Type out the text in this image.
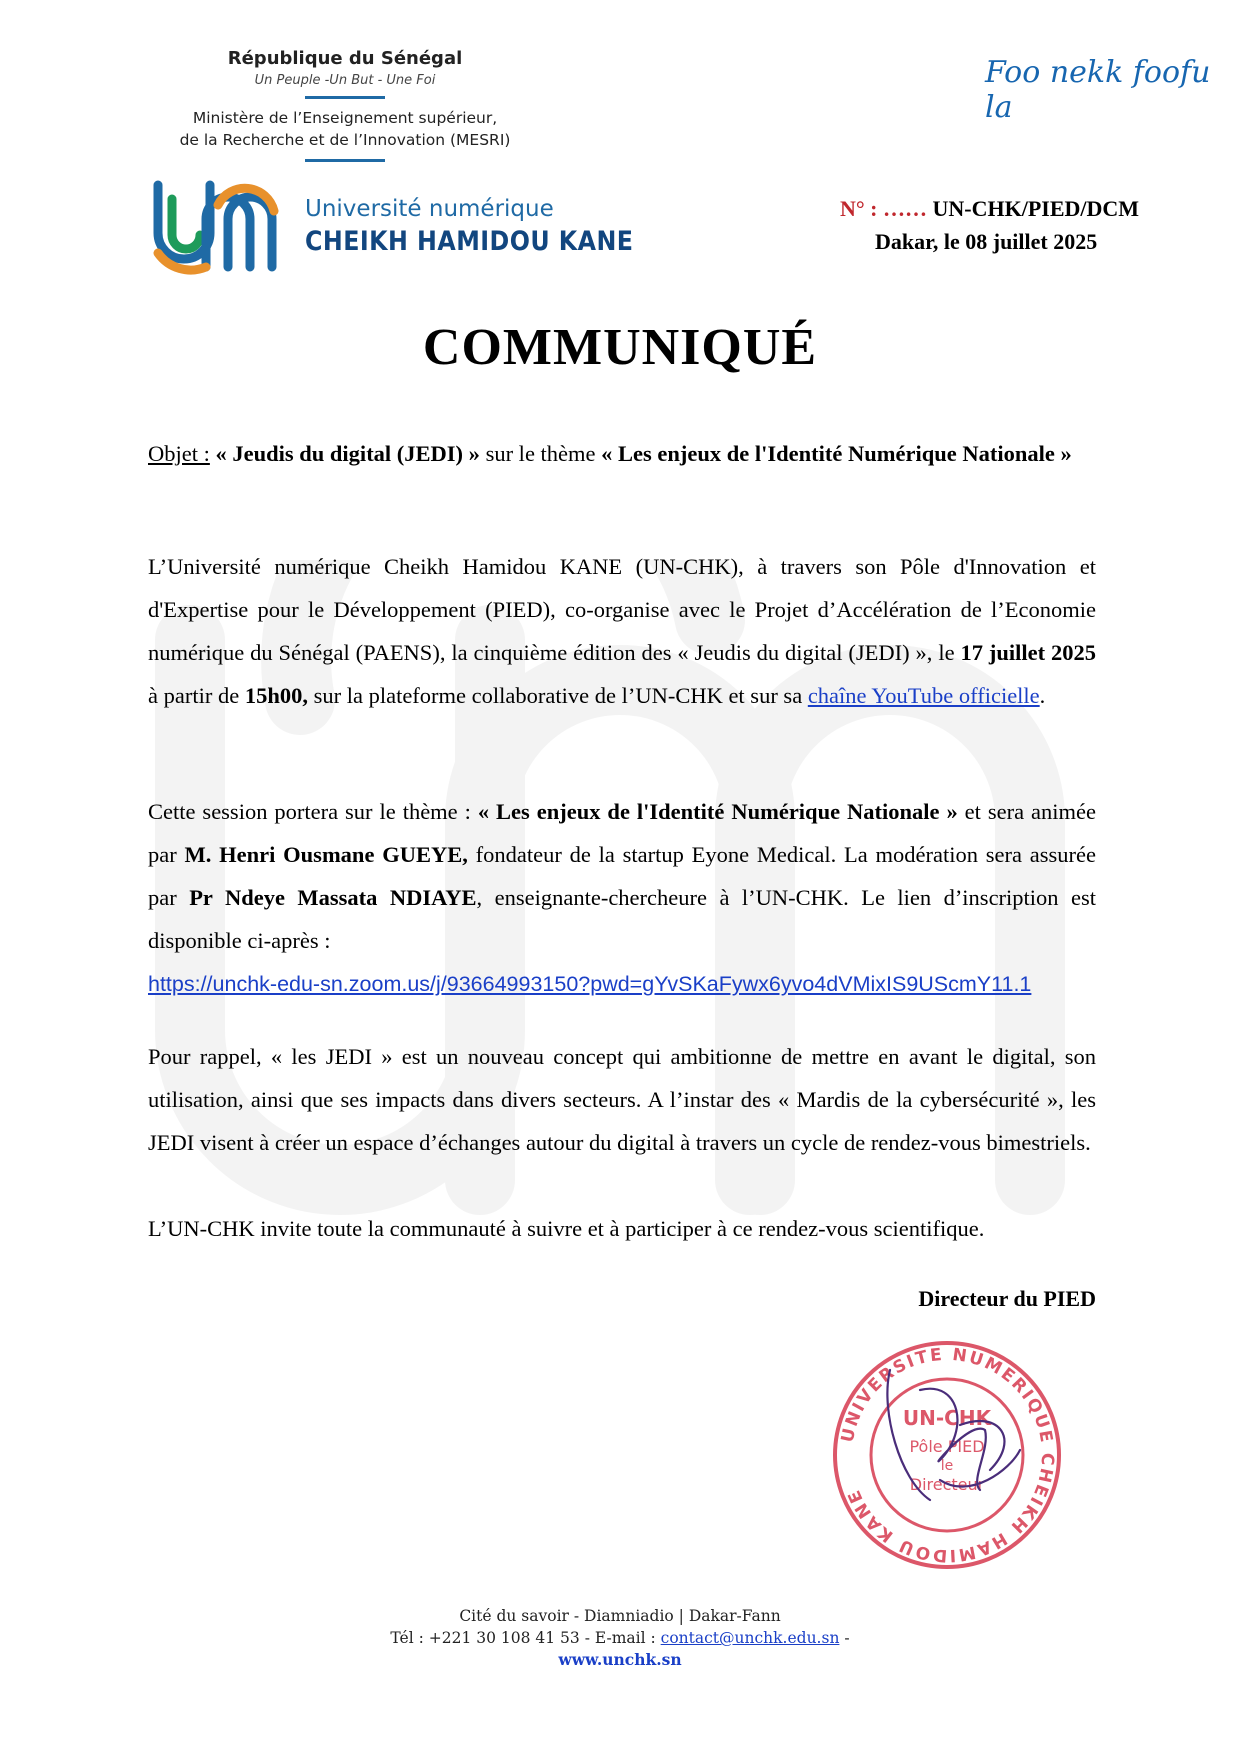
République du Sénégal
Un Peuple -Un But - Une Foi
Ministère de l’Enseignement supérieur,
de la Recherche et de l’Innovation (MESRI)
Université numérique
CHEIKH HAMIDOU KANE
Foo nekk foofu la
N° : …… UN-CHK/PIED/DCM
Dakar, le 08 juillet 2025
COMMUNIQUÉ
Objet : « Jeudis du digital (JEDI) » sur le thème « Les enjeux de l'Identité Numérique Nationale »
L’Université numérique Cheikh Hamidou KANE (UN-CHK), à travers son Pôle d'Innovation et d'Expertise pour le Développement (PIED), co-organise avec le Projet d’Accélération de l’Economie numérique du Sénégal (PAENS), la cinquième édition des « Jeudis du digital (JEDI) », le 17 juillet 2025 à partir de 15h00, sur la plateforme collaborative de l’UN-CHK et sur sa chaîne YouTube officielle.
Cette session portera sur le thème : « Les enjeux de l'Identité Numérique Nationale » et sera animée par M. Henri Ousmane GUEYE, fondateur de la startup Eyone Medical. La modération sera assurée par Pr Ndeye Massata NDIAYE, enseignante-chercheure à l’UN-CHK. Le lien d’inscription est disponible ci-après :
https://unchk-edu-sn.zoom.us/j/93664993150?pwd=gYvSKaFywx6yvo4dVMixIS9UScmY11.1
Pour rappel, « les JEDI » est un nouveau concept qui ambitionne de mettre en avant le digital, son utilisation, ainsi que ses impacts dans divers secteurs. A l’instar des « Mardis de la cybersécurité », les JEDI visent à créer un espace d’échanges autour du digital à travers un cycle de rendez-vous bimestriels.
L’UN-CHK invite toute la communauté à suivre et à participer à ce rendez-vous scientifique.
Directeur du PIED
UNIVERSITE NUMERIQUE CHEIKH HAMIDOU KANE
UN-CHK
Pôle PIED
le
Directeur
Cité du savoir - Diamniadio | Dakar-Fann
Tél : +221 30 108 41 53 - E-mail : contact@unchk.edu.sn -
www.unchk.sn
